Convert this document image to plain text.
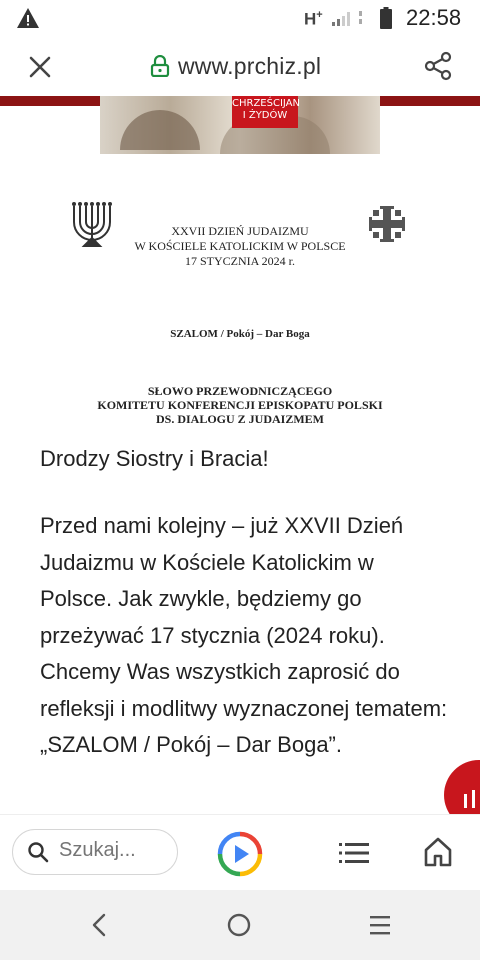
H+	22:58
www.prchiz.pl
CHRZEŚCIJAN
I ŻYDÓW
XXVII DZIEŃ JUDAIZMU
W KOŚCIELE KATOLICKIM W POLSCE
17 STYCZNIA 2024 r.
SZALOM / Pokój – Dar Boga
SŁOWO PRZEWODNICZĄCEGO
KOMITETU KONFERENCJI EPISKOPATU POLSKI
DS. DIALOGU Z JUDAIZMEM
Drodzy Siostry i Bracia!
Przed nami kolejny – już XXVII Dzień Judaizmu w Kościele Katolickim w Polsce. Jak zwykle, będziemy go przeżywać 17 stycznia (2024 roku). Chcemy Was wszystkich zaprosić do refleksji i modlitwy wyznaczonej tematem: „SZALOM / Pokój – Dar Boga”.
Szukaj...
